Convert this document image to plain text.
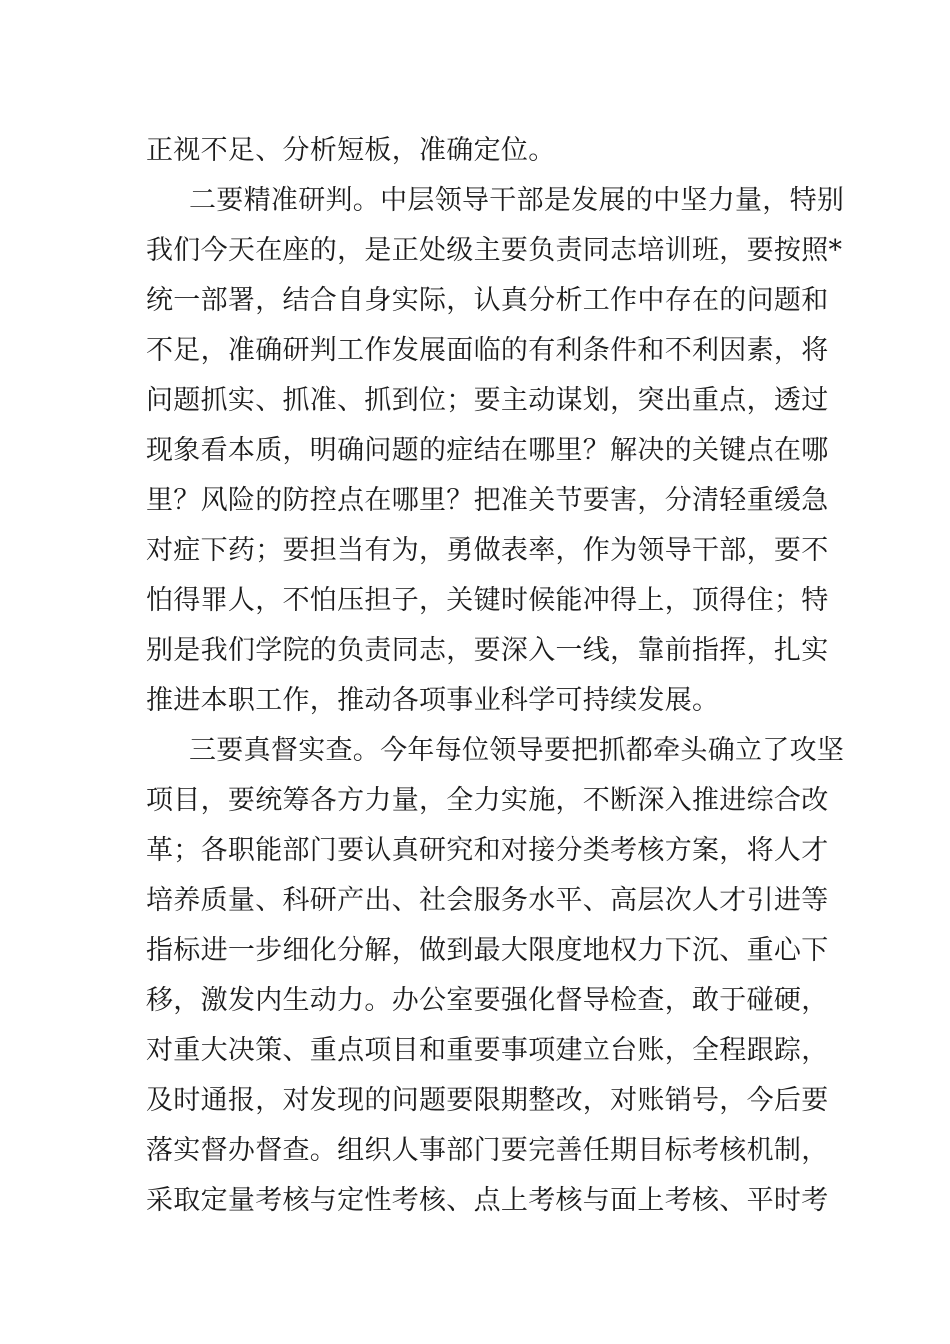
正视不足、分析短板，准确定位。
二要精准研判。中层领导干部是发展的中坚力量，特别
我们今天在座的，是正处级主要负责同志培训班，要按照*
统一部署，结合自身实际，认真分析工作中存在的问题和
不足，准确研判工作发展面临的有利条件和不利因素，将
问题抓实、抓准、抓到位；要主动谋划，突出重点，透过
现象看本质，明确问题的症结在哪里？解决的关键点在哪
里？风险的防控点在哪里？把准关节要害，分清轻重缓急
对症下药；要担当有为，勇做表率，作为领导干部，要不
怕得罪人，不怕压担子，关键时候能冲得上，顶得住；特
别是我们学院的负责同志，要深入一线，靠前指挥，扎实
推进本职工作，推动各项事业科学可持续发展。
三要真督实查。今年每位领导要把抓都牵头确立了攻坚
项目，要统筹各方力量，全力实施，不断深入推进综合改
革；各职能部门要认真研究和对接分类考核方案，将人才
培养质量、科研产出、社会服务水平、高层次人才引进等
指标进一步细化分解，做到最大限度地权力下沉、重心下
移，激发内生动力。办公室要强化督导检查，敢于碰硬，
对重大决策、重点项目和重要事项建立台账，全程跟踪，
及时通报，对发现的问题要限期整改，对账销号，今后要
落实督办督查。组织人事部门要完善任期目标考核机制，
采取定量考核与定性考核、点上考核与面上考核、平时考
